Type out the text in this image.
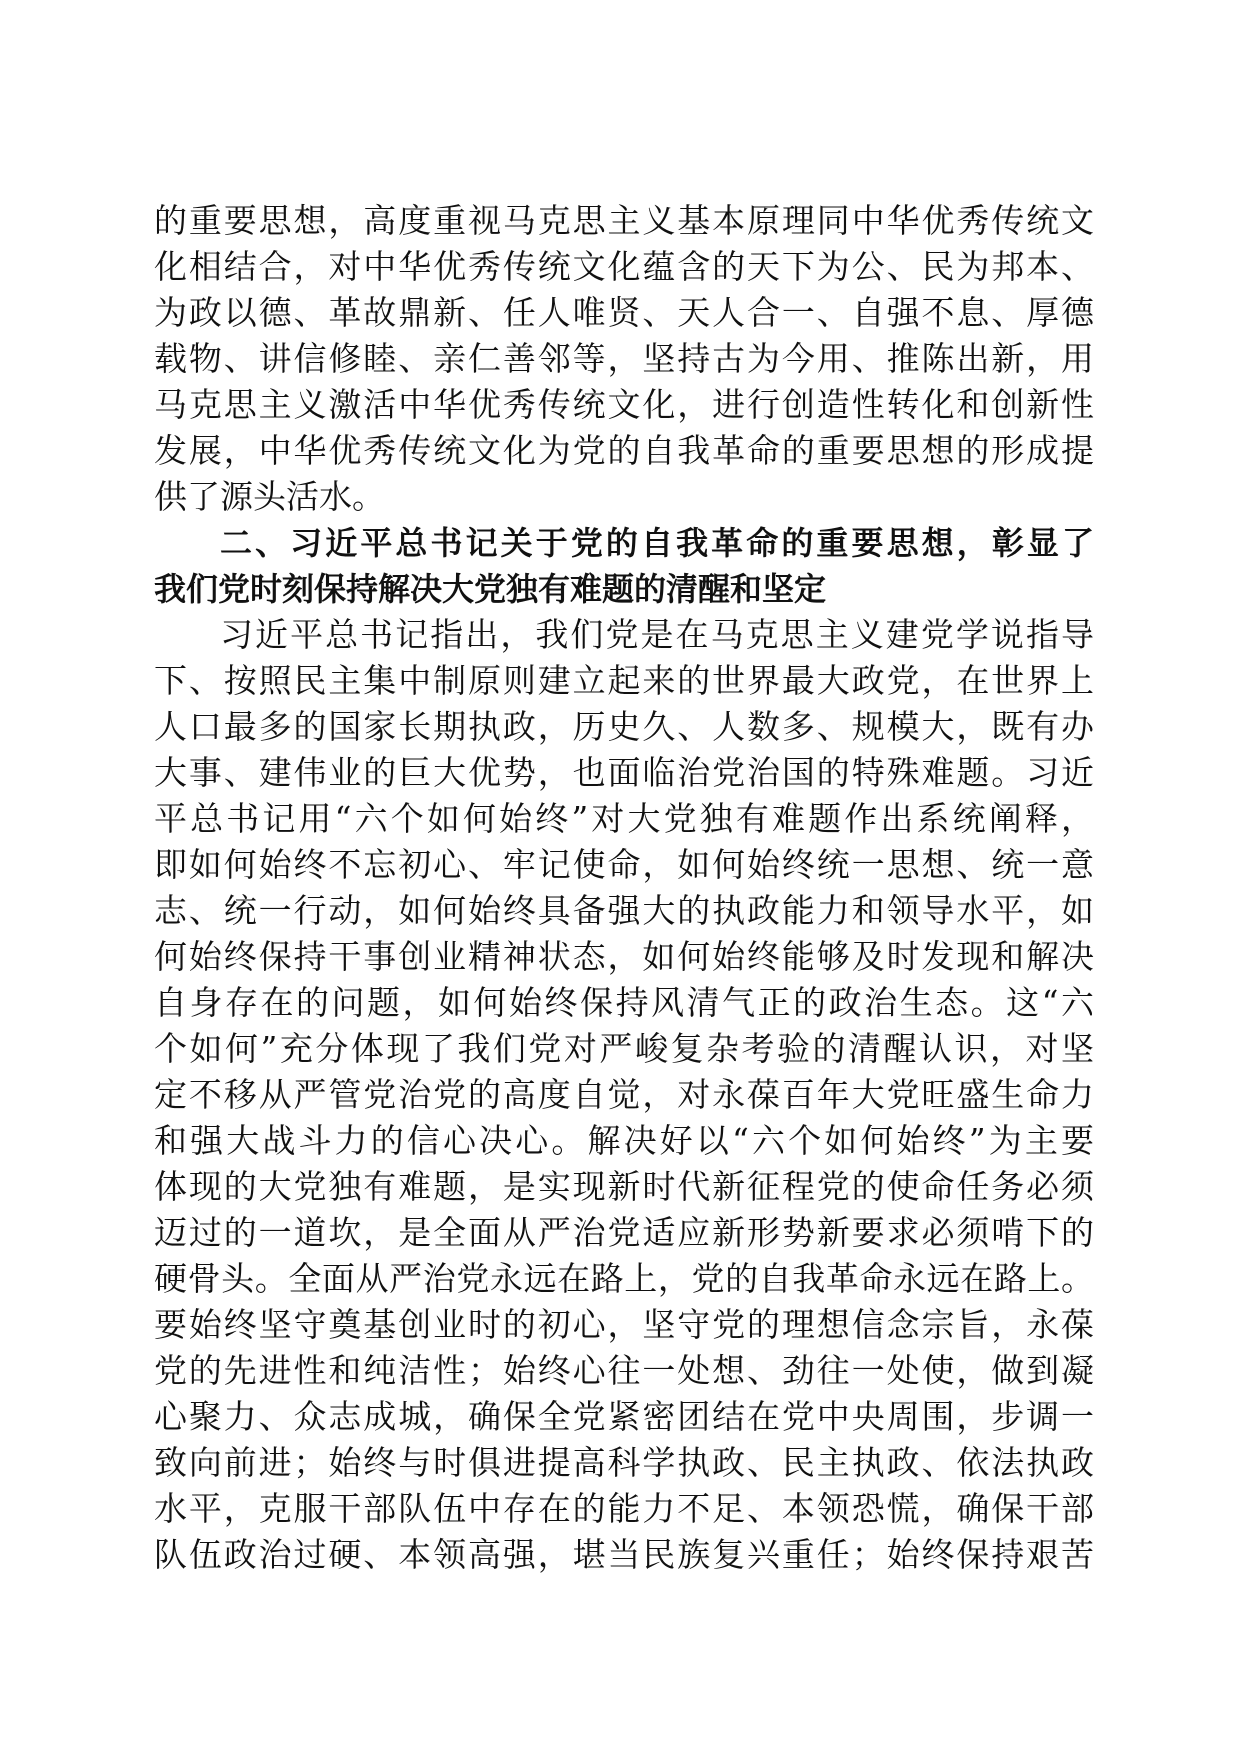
的重要思想，高度重视马克思主义基本原理同中华优秀传统文
化相结合，对中华优秀传统文化蕴含的天下为公、民为邦本、
为政以德、革故鼎新、任人唯贤、天人合一、自强不息、厚德
载物、讲信修睦、亲仁善邻等，坚持古为今用、推陈出新，用
马克思主义激活中华优秀传统文化，进行创造性转化和创新性
发展，中华优秀传统文化为党的自我革命的重要思想的形成提
供了源头活水。
二、习近平总书记关于党的自我革命的重要思想，彰显了
我们党时刻保持解决大党独有难题的清醒和坚定
习近平总书记指出，我们党是在马克思主义建党学说指导
下、按照民主集中制原则建立起来的世界最大政党，在世界上
人口最多的国家长期执政，历史久、人数多、规模大，既有办
大事、建伟业的巨大优势，也面临治党治国的特殊难题。习近
平总书记用“六个如何始终”对大党独有难题作出系统阐释，
即如何始终不忘初心、牢记使命，如何始终统一思想、统一意
志、统一行动，如何始终具备强大的执政能力和领导水平，如
何始终保持干事创业精神状态，如何始终能够及时发现和解决
自身存在的问题，如何始终保持风清气正的政治生态。这“六
个如何”充分体现了我们党对严峻复杂考验的清醒认识，对坚
定不移从严管党治党的高度自觉，对永葆百年大党旺盛生命力
和强大战斗力的信心决心。解决好以“六个如何始终”为主要
体现的大党独有难题，是实现新时代新征程党的使命任务必须
迈过的一道坎，是全面从严治党适应新形势新要求必须啃下的
硬骨头。全面从严治党永远在路上，党的自我革命永远在路上。
要始终坚守奠基创业时的初心，坚守党的理想信念宗旨，永葆
党的先进性和纯洁性；始终心往一处想、劲往一处使，做到凝
心聚力、众志成城，确保全党紧密团结在党中央周围，步调一
致向前进；始终与时俱进提高科学执政、民主执政、依法执政
水平，克服干部队伍中存在的能力不足、本领恐慌，确保干部
队伍政治过硬、本领高强，堪当民族复兴重任；始终保持艰苦
